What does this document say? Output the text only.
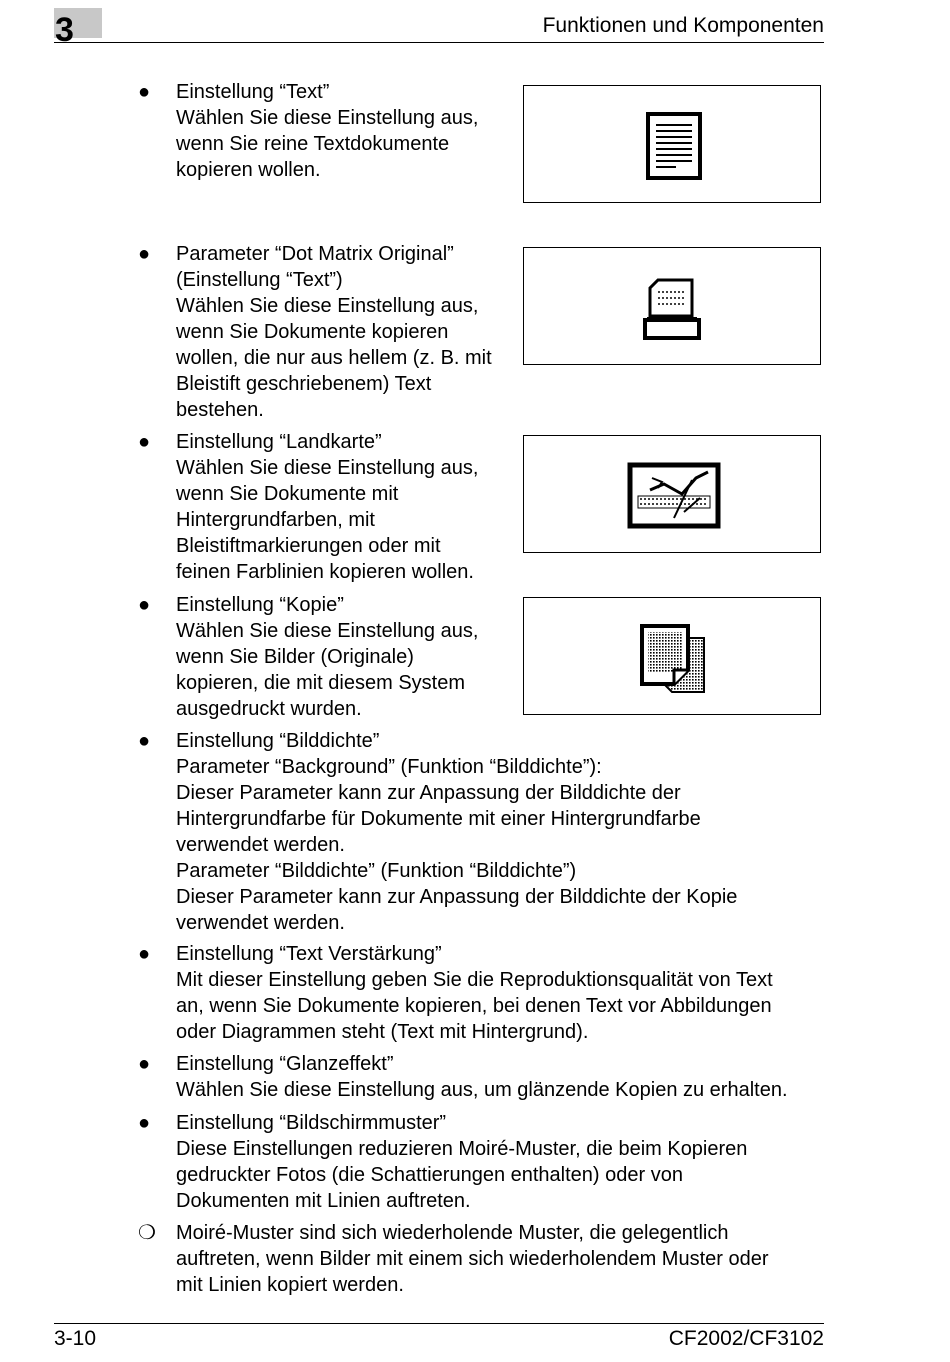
3	Funktionen und Komponenten
● Einstellung “Text”
Wählen Sie diese Einstellung aus,
wenn Sie reine Textdokumente
kopieren wollen.
● Parameter “Dot Matrix Original”
(Einstellung “Text”)
Wählen Sie diese Einstellung aus,
wenn Sie Dokumente kopieren
wollen, die nur aus hellem (z. B. mit
Bleistift geschriebenem) Text
bestehen.
● Einstellung “Landkarte”
Wählen Sie diese Einstellung aus,
wenn Sie Dokumente mit
Hintergrundfarben, mit
Bleistiftmarkierungen oder mit
feinen Farblinien kopieren wollen.
● Einstellung “Kopie”
Wählen Sie diese Einstellung aus,
wenn Sie Bilder (Originale)
kopieren, die mit diesem System
ausgedruckt wurden.
● Einstellung “Bilddichte”
Parameter “Background” (Funktion “Bilddichte”):
Dieser Parameter kann zur Anpassung der Bilddichte der
Hintergrundfarbe für Dokumente mit einer Hintergrundfarbe
verwendet werden.
Parameter “Bilddichte” (Funktion “Bilddichte”)
Dieser Parameter kann zur Anpassung der Bilddichte der Kopie
verwendet werden.
● Einstellung “Text Verstärkung”
Mit dieser Einstellung geben Sie die Reproduktionsqualität von Text
an, wenn Sie Dokumente kopieren, bei denen Text vor Abbildungen
oder Diagrammen steht (Text mit Hintergrund).
● Einstellung “Glanzeffekt”
Wählen Sie diese Einstellung aus, um glänzende Kopien zu erhalten.
● Einstellung “Bildschirmmuster”
Diese Einstellungen reduzieren Moiré-Muster, die beim Kopieren
gedruckter Fotos (die Schattierungen enthalten) oder von
Dokumenten mit Linien auftreten.
❍ Moiré-Muster sind sich wiederholende Muster, die gelegentlich
auftreten, wenn Bilder mit einem sich wiederholendem Muster oder
mit Linien kopiert werden.
3-10	CF2002/CF3102
